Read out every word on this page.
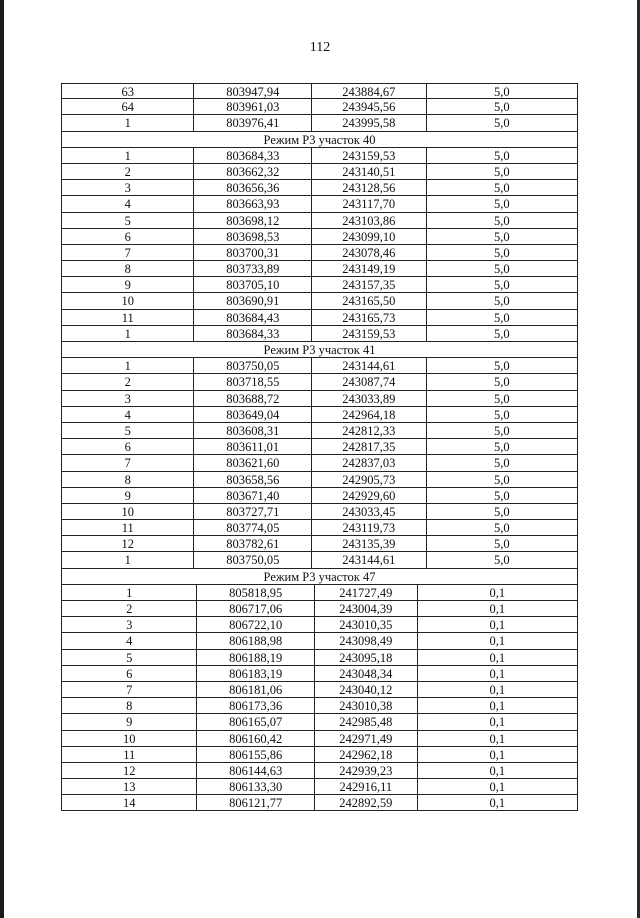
112
63	803947,94	243884,67	5,0
64	803961,03	243945,56	5,0
1	803976,41	243995,58	5,0
Режим Р3 участок 40
1	803684,33	243159,53	5,0
2	803662,32	243140,51	5,0
3	803656,36	243128,56	5,0
4	803663,93	243117,70	5,0
5	803698,12	243103,86	5,0
6	803698,53	243099,10	5,0
7	803700,31	243078,46	5,0
8	803733,89	243149,19	5,0
9	803705,10	243157,35	5,0
10	803690,91	243165,50	5,0
11	803684,43	243165,73	5,0
1	803684,33	243159,53	5,0
Режим Р3 участок 41
1	803750,05	243144,61	5,0
2	803718,55	243087,74	5,0
3	803688,72	243033,89	5,0
4	803649,04	242964,18	5,0
5	803608,31	242812,33	5,0
6	803611,01	242817,35	5,0
7	803621,60	242837,03	5,0
8	803658,56	242905,73	5,0
9	803671,40	242929,60	5,0
10	803727,71	243033,45	5,0
11	803774,05	243119,73	5,0
12	803782,61	243135,39	5,0
1	803750,05	243144,61	5,0
Режим Р3 участок 47
1	805818,95	241727,49	0,1
2	806717,06	243004,39	0,1
3	806722,10	243010,35	0,1
4	806188,98	243098,49	0,1
5	806188,19	243095,18	0,1
6	806183,19	243048,34	0,1
7	806181,06	243040,12	0,1
8	806173,36	243010,38	0,1
9	806165,07	242985,48	0,1
10	806160,42	242971,49	0,1
11	806155,86	242962,18	0,1
12	806144,63	242939,23	0,1
13	806133,30	242916,11	0,1
14	806121,77	242892,59	0,1
